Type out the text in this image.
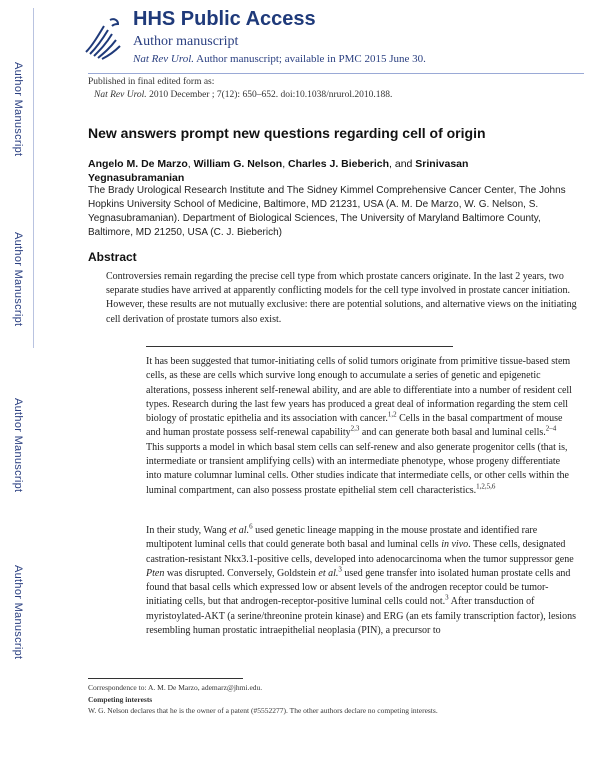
Author Manuscript
Author Manuscript
Author Manuscript
Author Manuscript
HHS Public Access
Author manuscript
Nat Rev Urol. Author manuscript; available in PMC 2015 June 30.
Published in final edited form as:
Nat Rev Urol. 2010 December ; 7(12): 650–652. doi:10.1038/nrurol.2010.188.
New answers prompt new questions regarding cell of origin
Angelo M. De Marzo, William G. Nelson, Charles J. Bieberich, and Srinivasan Yegnasubramanian
The Brady Urological Research Institute and The Sidney Kimmel Comprehensive Cancer Center, The Johns Hopkins University School of Medicine, Baltimore, MD 21231, USA (A. M. De Marzo, W. G. Nelson, S. Yegnasubramanian). Department of Biological Sciences, The University of Maryland Baltimore County, Baltimore, MD 21250, USA (C. J. Bieberich)
Abstract
Controversies remain regarding the precise cell type from which prostate cancers originate. In the last 2 years, two separate studies have arrived at apparently conflicting models for the cell type involved in prostate cancer initiation. However, these results are not mutually exclusive: there are potential solutions, and alternative views on the initiating cell derivation of prostate tumors also exist.
It has been suggested that tumor-initiating cells of solid tumors originate from primitive tissue-based stem cells, as these are cells which survive long enough to accumulate a series of genetic and epigenetic alterations, possess inherent self-renewal ability, and are able to differentiate into a number of resident cell types. Research during the last few years has produced a great deal of information regarding the stem cell biology of prostatic epithelia and its association with cancer.$^{1,2}$ Cells in the basal compartment of mouse and human prostate possess self-renewal capability$^{2,3}$ and can generate both basal and luminal cells.$^{2-4}$ This supports a model in which basal stem cells can self-renew and also generate progenitor cells (that is, intermediate or transient amplifying cells) with an intermediate phenotype, whose progeny differentiate into mature columnar luminal cells. Other studies indicate that intermediate cells, or other cells within the luminal compartment, can also possess prostate epithelial stem cell characteristics.$^{1,2,5,6}$
In their study, Wang et al.$^6$ used genetic lineage mapping in the mouse prostate and identified rare multipotent luminal cells that could generate both basal and luminal cells in vivo. These cells, designated castration-resistant Nkx3.1-positive cells, developed into adenocarcinoma when the tumor suppressor gene Pten was disrupted. Conversely, Goldstein et al.$^3$ used gene transfer into isolated human prostate cells and found that basal cells which expressed low or absent levels of the androgen receptor could be tumor-initiating cells, but that androgen-receptor-positive luminal cells could not.$^3$ After transduction of myristoylated-AKT (a serine/threonine protein kinase) and ERG (an ets family transcription factor), lesions resembling human prostatic intraepithelial neoplasia (PIN), a precursor to
Correspondence to: A. M. De Marzo, ademarz@jhmi.edu.
Competing interests
W. G. Nelson declares that he is the owner of a patent (#5552277). The other authors declare no competing interests.
